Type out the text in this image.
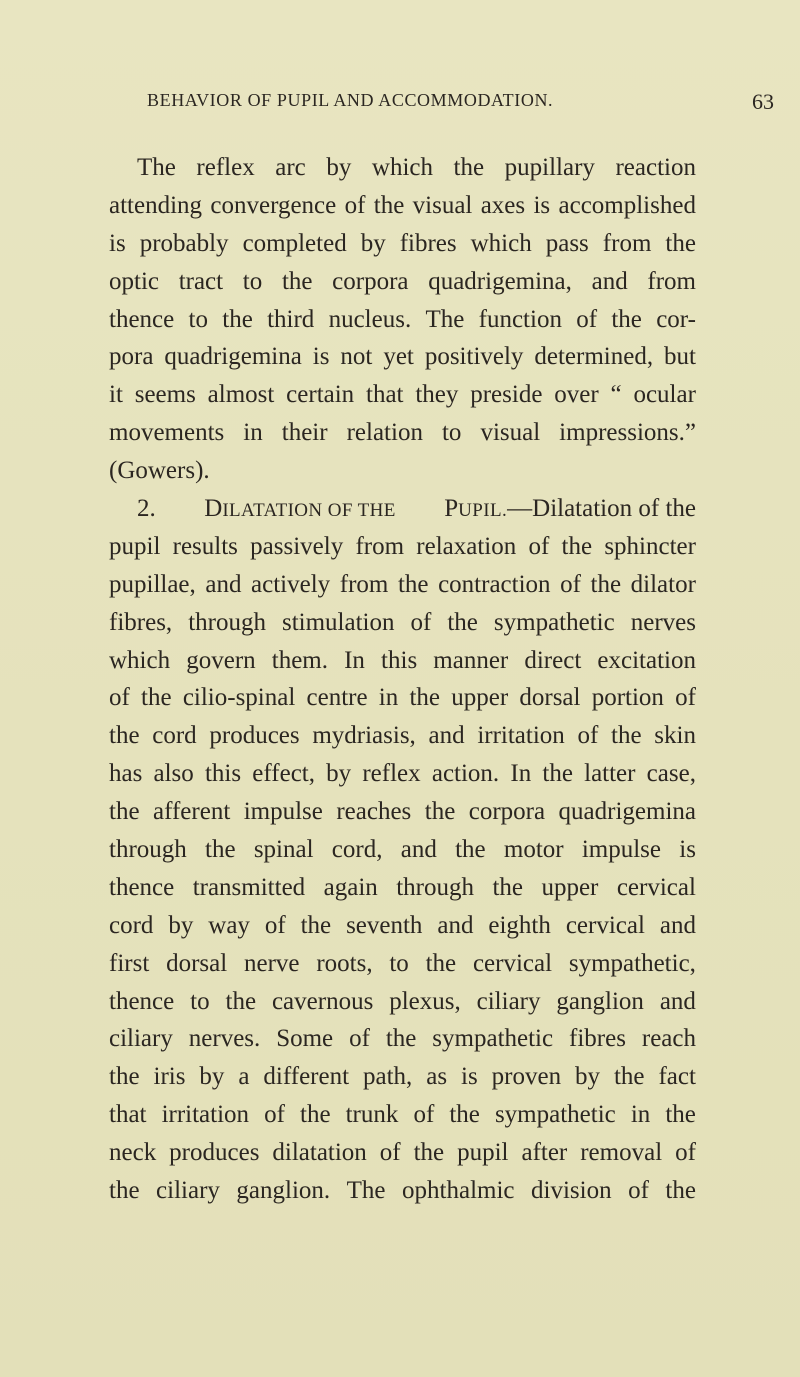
BEHAVIOR OF PUPIL AND ACCOMMODATION.	63
The reflex arc by which the pupillary reaction
attending convergence of the visual axes is accomplished
is probably completed by fibres which pass from the
optic tract to the corpora quadrigemina, and from
thence to the third nucleus. The function of the cor-
pora quadrigemina is not yet positively determined, but
it seems almost certain that they preside over “ ocular
movements in their relation to visual impressions.”
(Gowers).
2. DILATATION OF THE PUPIL.—Dilatation of the
pupil results passively from relaxation of the sphincter
pupillae, and actively from the contraction of the dilator
fibres, through stimulation of the sympathetic nerves
which govern them. In this manner direct excitation
of the cilio-spinal centre in the upper dorsal portion of
the cord produces mydriasis, and irritation of the skin
has also this effect, by reflex action. In the latter case,
the afferent impulse reaches the corpora quadrigemina
through the spinal cord, and the motor impulse is
thence transmitted again through the upper cervical
cord by way of the seventh and eighth cervical and
first dorsal nerve roots, to the cervical sympathetic,
thence to the cavernous plexus, ciliary ganglion and
ciliary nerves. Some of the sympathetic fibres reach
the iris by a different path, as is proven by the fact
that irritation of the trunk of the sympathetic in the
neck produces dilatation of the pupil after removal of
the ciliary ganglion. The ophthalmic division of the
